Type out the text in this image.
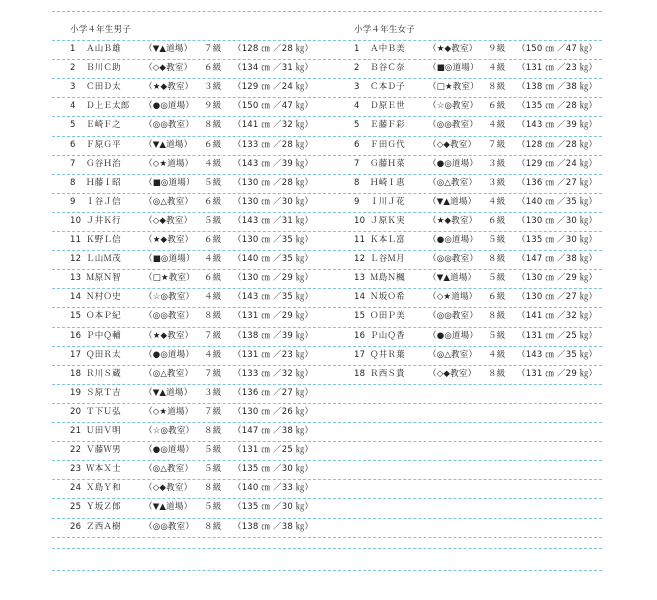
小学４年生男子
1	Ａ山Ｂ雄	（▼▲道場） ７級 （128 ㎝ ／28 ㎏）
2	Ｂ川Ｃ助	（◇◆教室） ６級 （134 ㎝ ／31 ㎏）
3	Ｃ田Ｄ太	（★◆教室） ３級 （129 ㎝ ／24 ㎏）
4	Ｄ上Ｅ太郎 （●◎道場） ９級 （150 ㎝ ／47 ㎏）
5	Ｅ崎Ｆ之	（◎◎教室） ８級 （141 ㎝ ／32 ㎏）
6	Ｆ原Ｇ平	（▼▲道場） ６級 （133 ㎝ ／28 ㎏）
7	Ｇ谷Ｈ治	（◇★道場） ４級 （143 ㎝ ／39 ㎏）
8	Ｈ藤Ｉ昭	（■◎道場） ５級 （130 ㎝ ／28 ㎏）
9	Ｉ谷Ｊ信	（◎△教室） ６級 （130 ㎝ ／30 ㎏）
10 Ｊ井Ｋ行	（◇◆教室） ５級 （143 ㎝ ／31 ㎏）
11 Ｋ野Ｌ信	（★◆教室） ６級 （130 ㎝ ／35 ㎏）
12 Ｌ山Ｍ茂	（■◎道場） ４級 （140 ㎝ ／35 ㎏）
13 Ｍ原Ｎ智	（□★教室） ６級 （130 ㎝ ／29 ㎏）
14 Ｎ村Ｏ史	（☆◎教室） ４級 （143 ㎝ ／35 ㎏）
15 Ｏ本Ｐ紀	（◎◎教室） ８級 （131 ㎝ ／29 ㎏）
16 Ｐ中Ｑ輔	（★◆教室） ７級 （138 ㎝ ／39 ㎏）
17 Ｑ田Ｒ太	（●◎道場） ４級 （131 ㎝ ／23 ㎏）
18 Ｒ川Ｓ蔵	（◎△教室） ７級 （133 ㎝ ／32 ㎏）
19 Ｓ原Ｔ吉	（▼▲道場） ３級 （136 ㎝ ／27 ㎏）
20 Ｔ下Ｕ弘	（◇★道場） ７級 （130 ㎝ ／26 ㎏）
21 Ｕ田Ｖ明	（☆◎教室） ８級 （147 ㎝ ／38 ㎏）
22 Ｖ藤Ｗ男	（●◎道場） ５級 （131 ㎝ ／25 ㎏）
23 Ｗ本Ｘ士	（◎△教室） ５級 （135 ㎝ ／30 ㎏）
24 Ｘ島Ｙ和	（◇◆教室） ８級 （140 ㎝ ／33 ㎏）
25 Ｙ坂Ｚ郎	（▼▲道場） ５級 （135 ㎝ ／30 ㎏）
26 Ｚ西Ａ樹	（◎◎教室） ８級 （138 ㎝ ／38 ㎏）
小学４年生女子
1	Ａ中Ｂ美	（★◆教室） ９級 （150 ㎝ ／47 ㎏）
2	Ｂ谷Ｃ奈	（■◎道場） ４級 （131 ㎝ ／23 ㎏）
3	Ｃ本Ｄ子	（□★教室） ８級 （138 ㎝ ／38 ㎏）
4	Ｄ原Ｅ世	（☆◎教室） ６級 （135 ㎝ ／28 ㎏）
5	Ｅ藤Ｆ彩	（◎◎教室） ４級 （143 ㎝ ／39 ㎏）
6	Ｆ田Ｇ代	（◇◆教室） ７級 （128 ㎝ ／28 ㎏）
7	Ｇ藤Ｈ菜	（●◎道場） ３級 （129 ㎝ ／24 ㎏）
8	Ｈ崎Ｉ恵	（◎△教室） ３級 （136 ㎝ ／27 ㎏）
9	Ｉ川Ｊ花	（▼▲道場） ４級 （140 ㎝ ／35 ㎏）
10 Ｊ原Ｋ実	（★◆教室） ６級 （130 ㎝ ／30 ㎏）
11 Ｋ本Ｌ富	（●◎道場） ５級 （135 ㎝ ／30 ㎏）
12 Ｌ谷Ｍ月	（◎◎教室） ８級 （147 ㎝ ／38 ㎏）
13 Ｍ島Ｎ楓	（▼▲道場） ５級 （130 ㎝ ／29 ㎏）
14 Ｎ坂Ｏ希	（◇★道場） ６級 （130 ㎝ ／27 ㎏）
15 Ｏ田Ｐ美	（◎◎教室） ８級 （141 ㎝ ／32 ㎏）
16 Ｐ山Ｑ香	（●◎道場） ５級 （131 ㎝ ／25 ㎏）
17 Ｑ井Ｒ葉	（◎△教室） ４級 （143 ㎝ ／35 ㎏）
18 Ｒ西Ｓ貴	（◇◆教室） ８級 （131 ㎝ ／29 ㎏）
